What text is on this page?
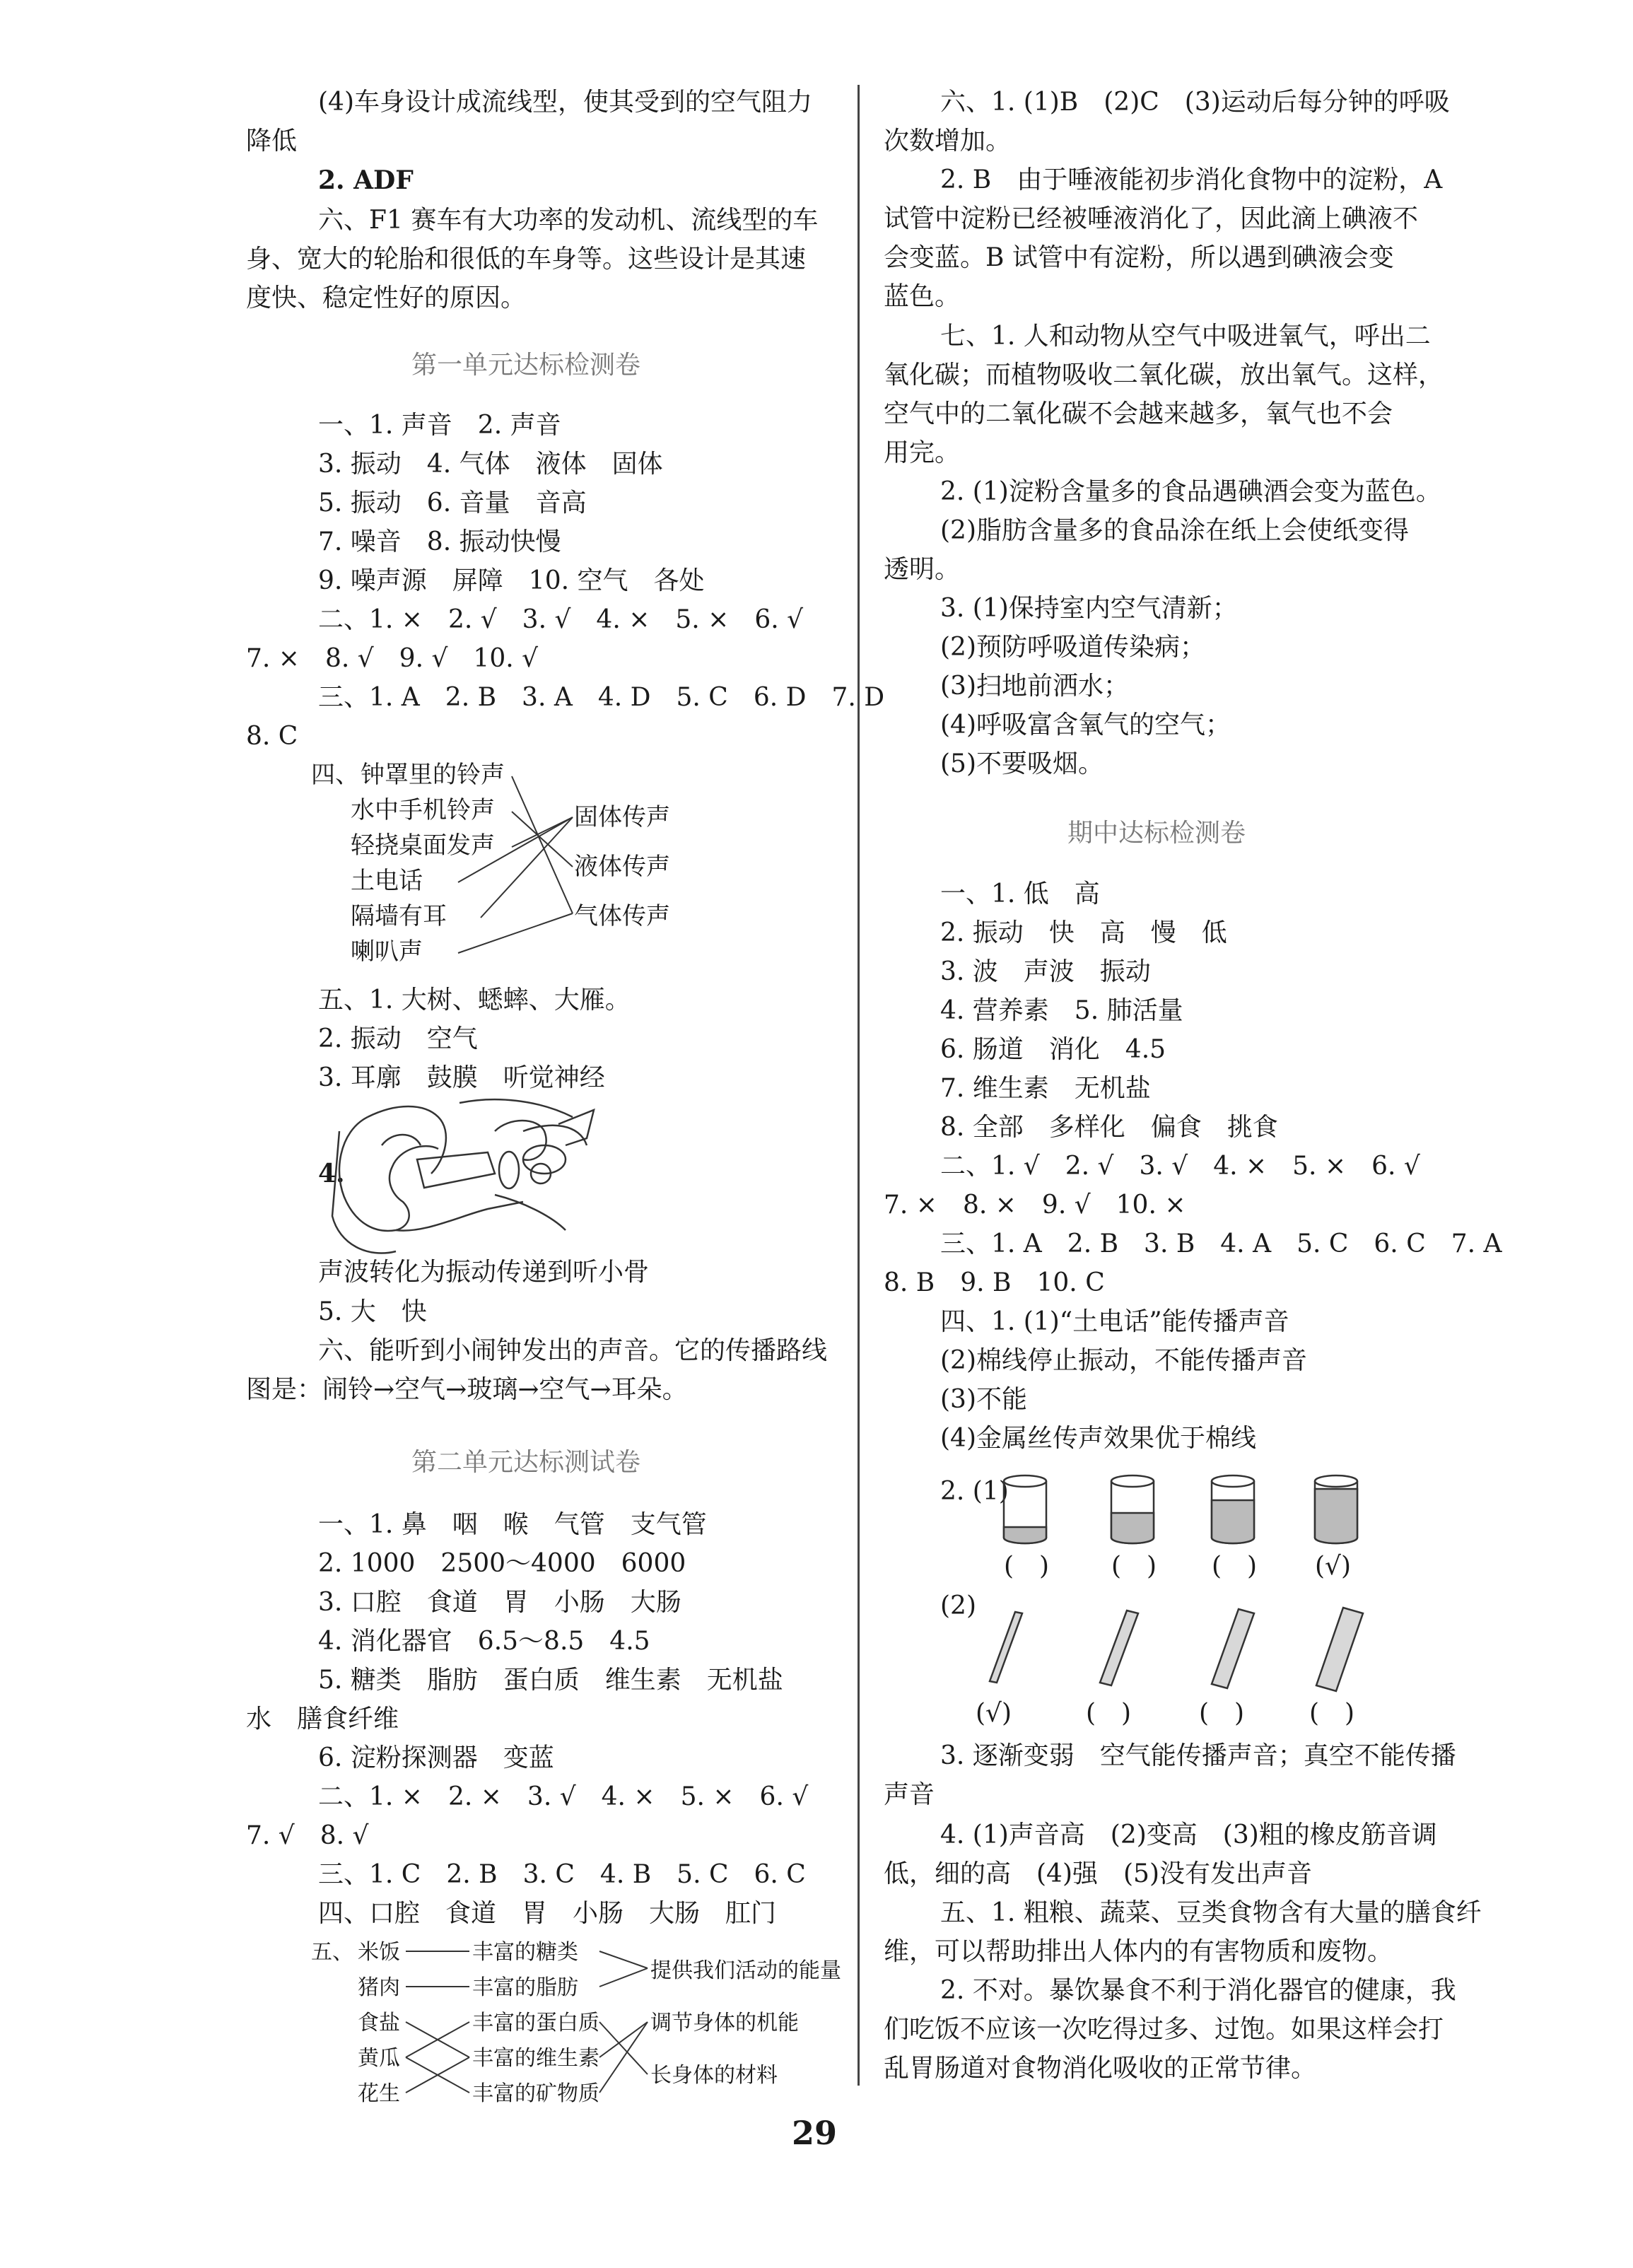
(4)车身设计成流线型，使其受到的空气阻力
降低
2. ADF
六、F1 赛车有大功率的发动机、流线型的车
身、宽大的轮胎和很低的车身等。这些设计是其速
度快、稳定性好的原因。
第一单元达标检测卷
一、1. 声音　2. 声音
3. 振动　4. 气体　液体　固体
5. 振动　6. 音量　音高
7. 噪音　8. 振动快慢
9. 噪声源　屏障　10. 空气　各处
二、1. ×　2. √　3. √　4. ×　5. ×　6. √
7. ×　8. √　9. √　10. √
三、1. A　2. B　3. A　4. D　5. C　6. D　7. D
8. C
四、 钟罩里的铃声
水中手机铃声
轻挠桌面发声
土电话
隔墙有耳
喇叭声
固体传声
液体传声
气体传声
五、1. 大树、蟋蟀、大雁。
2. 振动　空气
3. 耳廓　鼓膜　听觉神经
4.
声波转化为振动传递到听小骨
5. 大　快
六、能听到小闹钟发出的声音。它的传播路线
图是：闹铃→空气→玻璃→空气→耳朵。
第二单元达标测试卷
一、1. 鼻　咽　喉　气管　支气管
2. 1000　2500～4000　6000
3. 口腔　食道　胃　小肠　大肠
4. 消化器官　6.5～8.5　4.5
5. 糖类　脂肪　蛋白质　维生素　无机盐
水　膳食纤维
6. 淀粉探测器　变蓝
二、1. ×　2. ×　3. √　4. ×　5. ×　6. √
7. √　8. √
三、1. C　2. B　3. C　4. B　5. C　6. C
四、口腔　食道　胃　小肠　大肠　肛门
五、 米饭
猪肉
食盐
黄瓜
花生
丰富的糖类
丰富的脂肪
丰富的蛋白质
丰富的维生素
丰富的矿物质
提供我们活动的能量
调节身体的机能
长身体的材料
六、1. (1)B　(2)C　(3)运动后每分钟的呼吸
次数增加。
2. B　由于唾液能初步消化食物中的淀粉，A
试管中淀粉已经被唾液消化了，因此滴上碘液不
会变蓝。B 试管中有淀粉，所以遇到碘液会变
蓝色。
七、1. 人和动物从空气中吸进氧气，呼出二
氧化碳；而植物吸收二氧化碳，放出氧气。这样，
空气中的二氧化碳不会越来越多，氧气也不会
用完。
2. (1)淀粉含量多的食品遇碘酒会变为蓝色。
(2)脂肪含量多的食品涂在纸上会使纸变得
透明。
3. (1)保持室内空气清新；
(2)预防呼吸道传染病；
(3)扫地前洒水；
(4)呼吸富含氧气的空气；
(5)不要吸烟。
期中达标检测卷
一、1. 低　高
2. 振动　快　高　慢　低
3. 波　声波　振动
4. 营养素　5. 肺活量
6. 肠道　消化　4.5
7. 维生素　无机盐
8. 全部　多样化　偏食　挑食
二、1. √　2. √　3. √　4. ×　5. ×　6. √
7. ×　8. ×　9. √　10. ×
三、1. A　2. B　3. B　4. A　5. C　6. C　7. A
8. B　9. B　10. C
四、1. (1)“土电话”能传播声音
(2)棉线停止振动，不能传播声音
(3)不能
(4)金属丝传声效果优于棉线
2. (1)
(　) (　) (　) (√)
(2)
(√)	(　)	(　)	(　)
3. 逐渐变弱　空气能传播声音；真空不能传播
声音
4. (1)声音高　(2)变高　(3)粗的橡皮筋音调
低，细的高　(4)强　(5)没有发出声音
五、1. 粗粮、蔬菜、豆类食物含有大量的膳食纤
维，可以帮助排出人体内的有害物质和废物。
2. 不对。暴饮暴食不利于消化器官的健康，我
们吃饭不应该一次吃得过多、过饱。如果这样会打
乱胃肠道对食物消化吸收的正常节律。
29
